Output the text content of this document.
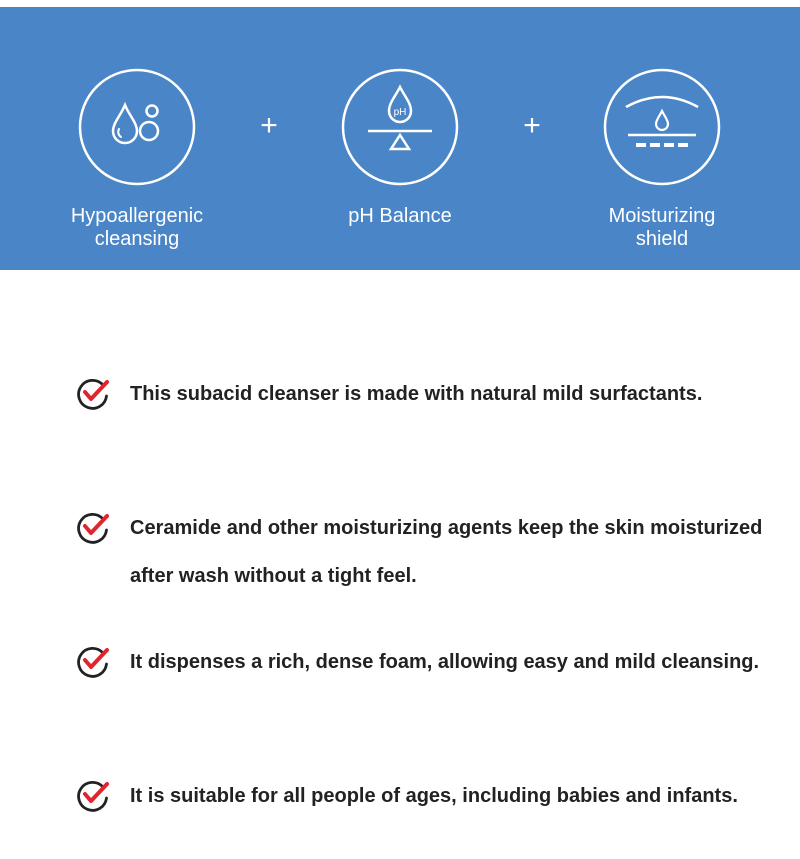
Hypoallergenic
cleansing
+	pH
pH Balance
+
Moisturizing
shield
This subacid cleanser is made with natural mild surfactants.
Ceramide and other moisturizing agents keep the skin moisturized after wash without a tight feel.
It dispenses a rich, dense foam, allowing easy and mild cleansing.
It is suitable for all people of ages, including babies and infants.
